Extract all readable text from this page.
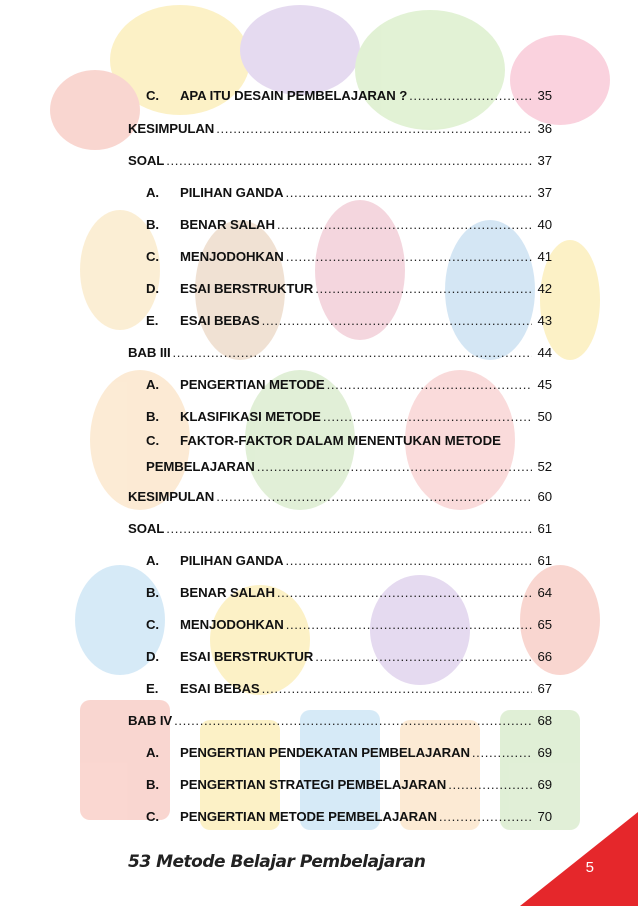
C.	APA ITU DESAIN PEMBELAJARAN ? .....	35
KESIMPULAN .....	36
SOAL .....	37
A.	PILIHAN GANDA .....	37
B.	BENAR SALAH .....	40
C.	MENJODOHKAN .....	41
D.	ESAI BERSTRUKTUR .....	42
E.	ESAI BEBAS .....	43
BAB III .....	44
A.	PENGERTIAN METODE .....	45
B.	KLASIFIKASI METODE .....	50
C.	FAKTOR-FAKTOR DALAM MENENTUKAN METODE
PEMBELAJARAN .....	52
KESIMPULAN .....	60
SOAL .....	61
A.	PILIHAN GANDA .....	61
B.	BENAR SALAH .....	64
C.	MENJODOHKAN .....	65
D.	ESAI BERSTRUKTUR .....	66
E.	ESAI BEBAS .....	67
BAB IV .....	68
A.	PENGERTIAN PENDEKATAN PEMBELAJARAN .....	69
B.	PENGERTIAN STRATEGI PEMBELAJARAN .....	69
C.	PENGERTIAN METODE PEMBELAJARAN .....	70
53 Metode Belajar Pembelajaran	5
